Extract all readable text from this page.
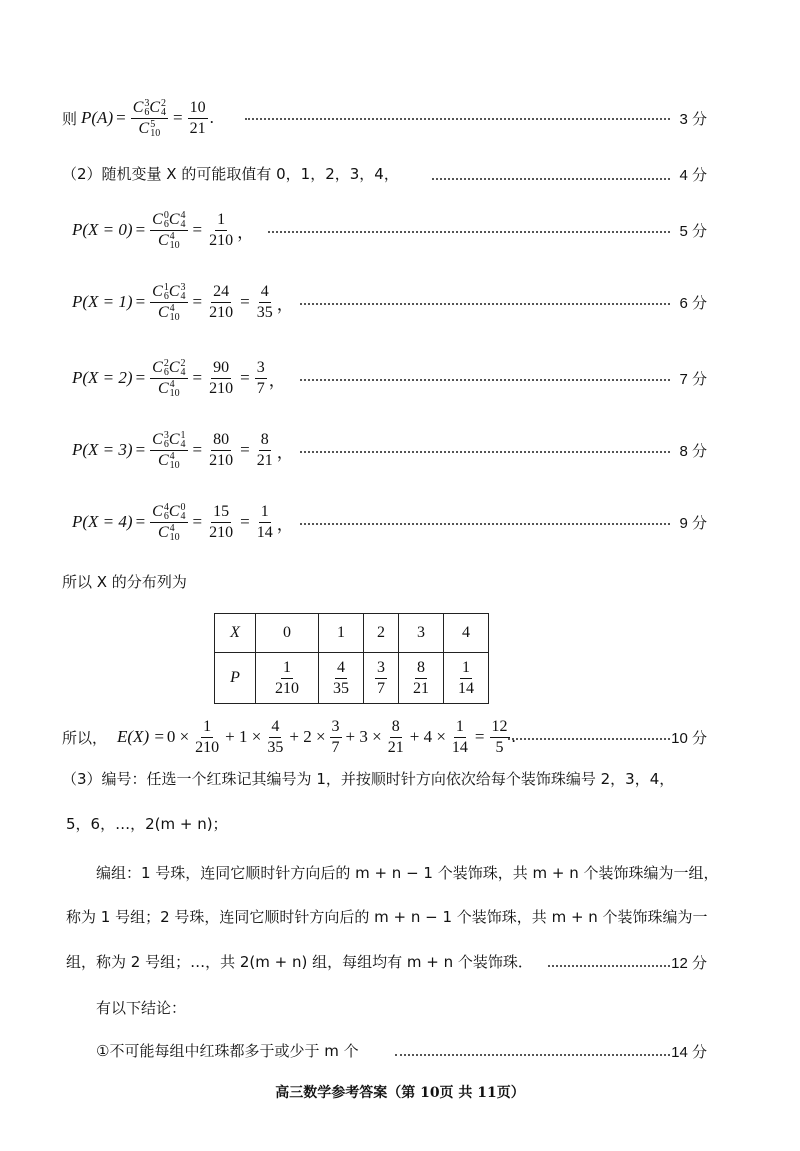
则 P(A) = C 3
6 C 2
4
C 5
$10 = \frac{10}{21}$ .	3 分
（2）随机变量 X 的可能取值有 0，1，2，3，4，	4 分
P(X = 0) = C 0
6 C 4
4
C 4
$10 = \frac{1}{210}$ ，	5 分
P(X = 1) = C 1
6 C 3
4
C 4
$10 = \frac{24}{210} = \frac{4}{35}$ ，	6 分
P(X = 2) = C 2
6 C 2
4
C 4
$10 = \frac{90}{210} = \frac{3}{7}$ ，	7 分
P(X = 3) = C 3
6 C 1
4
C 4
$10 = \frac{80}{210} = \frac{8}{21}$ ，	8 分
P(X = 4) = C 4
6 C 0
4
C 4
$10 = \frac{15}{210} = \frac{1}{14}$ ，	9 分
所以 X 的分布列为
X	0	1	2	3	4
P	$\frac{1}{210}$	$\frac{4}{35}$	$\frac{3}{7}$	$\frac{8}{21}$	$\frac{1}{14}$
所以， $E(X) = 0 \times \frac{1}{210} + 1 \times \frac{4}{35} + 2 \times \frac{3}{7} + 3 \times \frac{8}{21} + 4 \times \frac{1}{14} = \frac{12}{5}$ .	10 分
（3）编号：任选一个红珠记其编号为 1，并按顺时针方向依次给每个装饰珠编号 2，3，4，
5，6，…，2(m + n)；
编组：1 号珠，连同它顺时针方向后的 m + n − 1 个装饰珠，共 m + n 个装饰珠编为一组，
称为 1 号组；2 号珠，连同它顺时针方向后的 m + n − 1 个装饰珠，共 m + n 个装饰珠编为一
组，称为 2 号组；…，共 2(m + n) 组，每组均有 m + n 个装饰珠．	12 分
有以下结论：
①不可能每组中红珠都多于或少于 m 个	14 分
高三数学参考答案（第 10页 共 11页）
